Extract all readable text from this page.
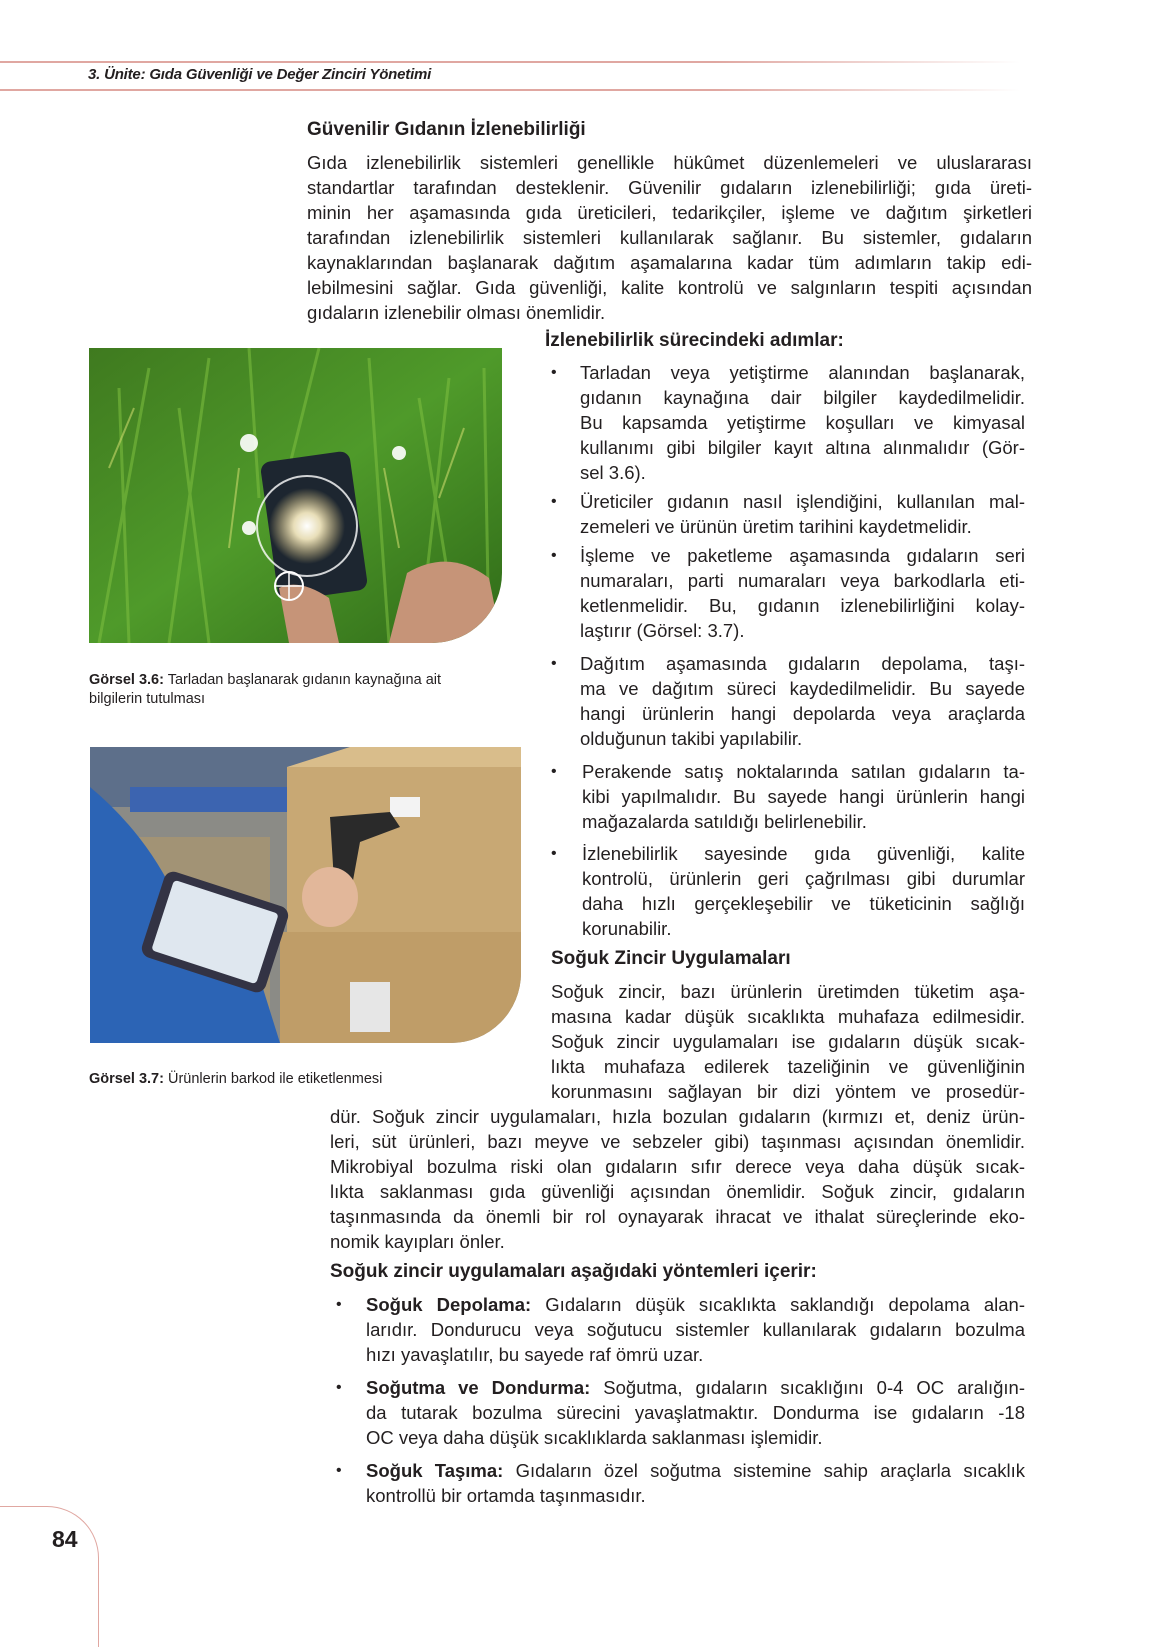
3. Ünite: Gıda Güvenliği ve Değer Zinciri Yönetimi
Güvenilir Gıdanın İzlenebilirliği
Gıda izlenebilirlik sistemleri genellikle hükûmet düzenlemeleri ve uluslararası
standartlar tarafından desteklenir. Güvenilir gıdaların izlenebilirliği; gıda üreti-
minin her aşamasında gıda üreticileri, tedarikçiler, işleme ve dağıtım şirketleri
tarafından izlenebilirlik sistemleri kullanılarak sağlanır. Bu sistemler, gıdaların
kaynaklarından başlanarak dağıtım aşamalarına kadar tüm adımların takip edi-
lebilmesini sağlar. Gıda güvenliği, kalite kontrolü ve salgınların tespiti açısından
gıdaların izlenebilir olması önemlidir.
Görsel 3.6: Tarladan başlanarak gıdanın kaynağına ait
bilgilerin tutulması
İzlenebilirlik sürecindeki adımlar:
• Tarladan veya yetiştirme alanından başlanarak,
gıdanın kaynağına dair bilgiler kaydedilmelidir.
Bu kapsamda yetiştirme koşulları ve kimyasal
kullanımı gibi bilgiler kayıt altına alınmalıdır (Gör-
sel 3.6).
• Üreticiler gıdanın nasıl işlendiğini, kullanılan mal-
zemeleri ve ürünün üretim tarihini kaydetmelidir.
• İşleme ve paketleme aşamasında gıdaların seri
numaraları, parti numaraları veya barkodlarla eti-
ketlenmelidir. Bu, gıdanın izlenebilirliğini kolay-
laştırır (Görsel: 3.7).
• Dağıtım aşamasında gıdaların depolama, taşı-
ma ve dağıtım süreci kaydedilmelidir. Bu sayede
hangi ürünlerin hangi depolarda veya araçlarda
olduğunun takibi yapılabilir.
• Perakende satış noktalarında satılan gıdaların ta-
kibi yapılmalıdır. Bu sayede hangi ürünlerin hangi
mağazalarda satıldığı belirlenebilir.
• İzlenebilirlik sayesinde gıda güvenliği, kalite
kontrolü, ürünlerin geri çağrılması gibi durumlar
daha hızlı gerçekleşebilir ve tüketicinin sağlığı
korunabilir.
Görsel 3.7: Ürünlerin barkod ile etiketlenmesi
Soğuk Zincir Uygulamaları
Soğuk zincir, bazı ürünlerin üretimden tüketim aşa-
masına kadar düşük sıcaklıkta muhafaza edilmesidir.
Soğuk zincir uygulamaları ise gıdaların düşük sıcak-
lıkta muhafaza edilerek tazeliğinin ve güvenliğinin
korunmasını sağlayan bir dizi yöntem ve prosedür-
dür. Soğuk zincir uygulamaları, hızla bozulan gıdaların (kırmızı et, deniz ürün-
leri, süt ürünleri, bazı meyve ve sebzeler gibi) taşınması açısından önemlidir.
Mikrobiyal bozulma riski olan gıdaların sıfır derece veya daha düşük sıcak-
lıkta saklanması gıda güvenliği açısından önemlidir. Soğuk zincir, gıdaların
taşınmasında da önemli bir rol oynayarak ihracat ve ithalat süreçlerinde eko-
nomik kayıpları önler.
Soğuk zincir uygulamaları aşağıdaki yöntemleri içerir:
• Soğuk Depolama: Gıdaların düşük sıcaklıkta saklandığı depolama alan-
larıdır. Dondurucu veya soğutucu sistemler kullanılarak gıdaların bozulma
hızı yavaşlatılır, bu sayede raf ömrü uzar.
• Soğutma ve Dondurma: Soğutma, gıdaların sıcaklığını 0-4 OC aralığın-
da tutarak bozulma sürecini yavaşlatmaktır. Dondurma ise gıdaların -18
OC veya daha düşük sıcaklıklarda saklanması işlemidir.
• Soğuk Taşıma: Gıdaların özel soğutma sistemine sahip araçlarla sıcaklık
kontrollü bir ortamda taşınmasıdır.
84
